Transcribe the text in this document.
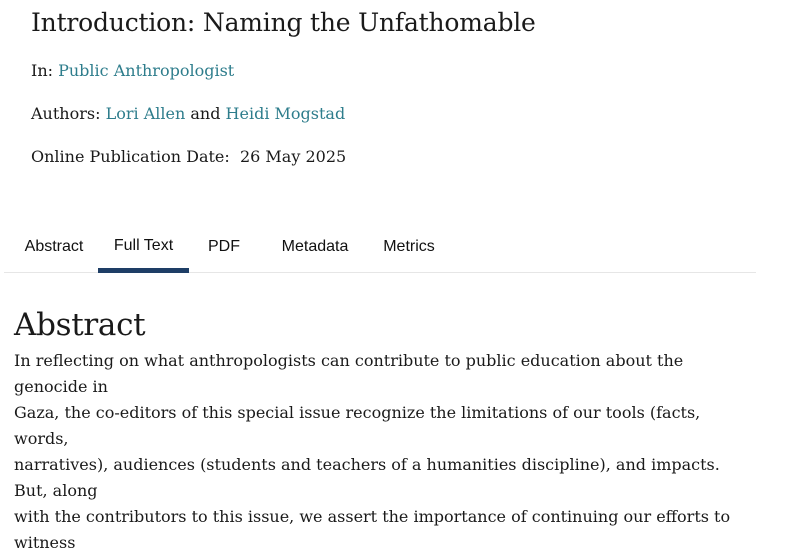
Introduction: Naming the Unfathomable
In: Public Anthropologist
Authors: Lori Allen and Heidi Mogstad
Online Publication Date: 26 May 2025
Abstract	Full Text	PDF	Metadata	Metrics
Abstract

In reflecting on what anthropologists can contribute to public education about the genocide in
Gaza, the co-editors of this special issue recognize the limitations of our tools (facts, words,
narratives), audiences (students and teachers of a humanities discipline), and impacts. But, along
with the contributors to this issue, we assert the importance of continuing our efforts to witness
